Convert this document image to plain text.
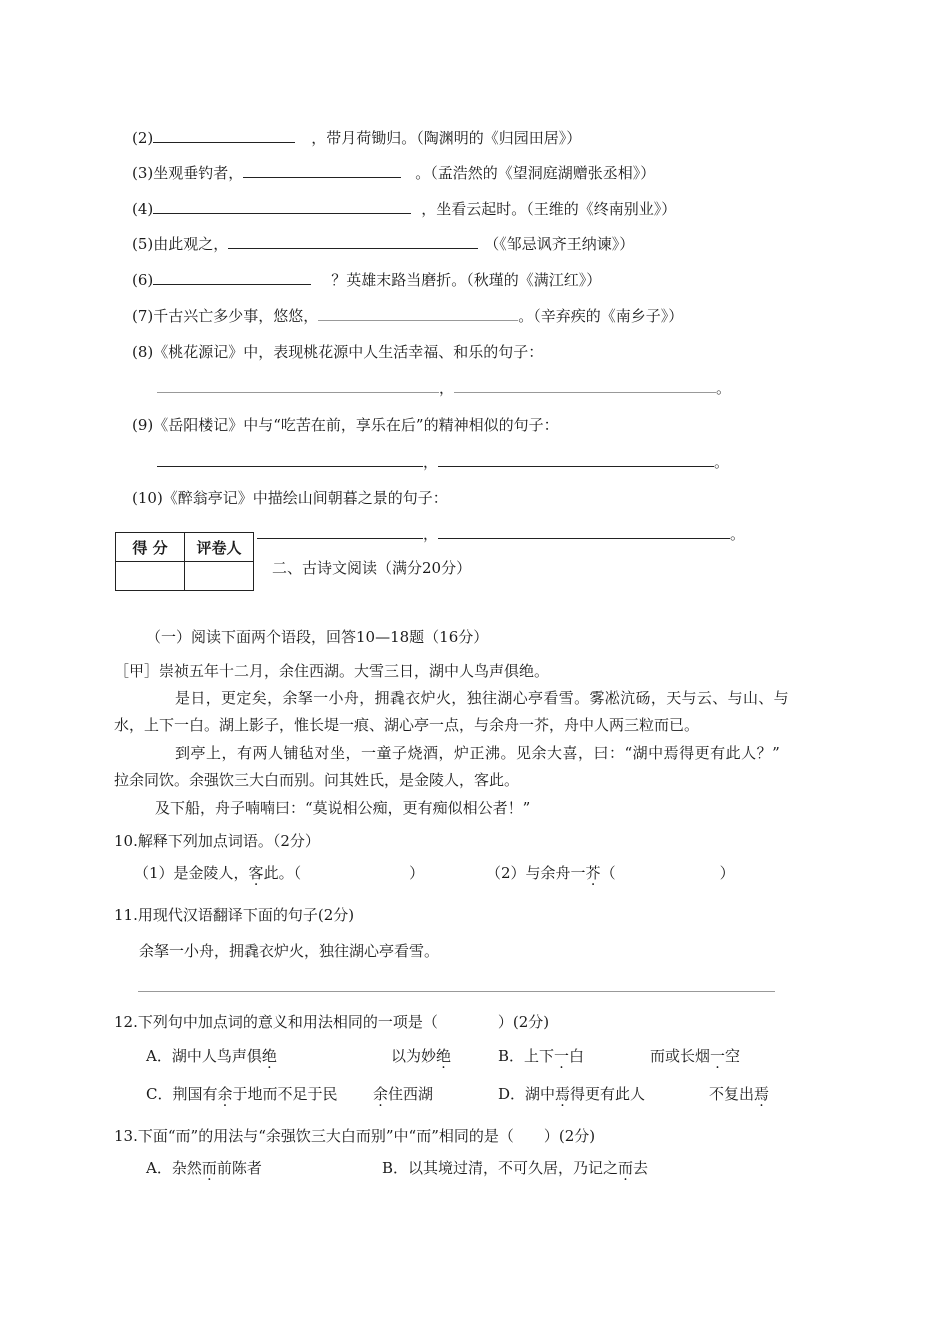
(2)	，带月荷锄归。（陶渊明的《归园田居》）
(3)坐观垂钓者，	。（孟浩然的《望洞庭湖赠张丞相》）
(4)	，坐看云起时。（王维的《终南别业》）
(5)由此观之，	（《邹忌讽齐王纳谏》）
(6)	？英雄末路当磨折。（秋瑾的《满江红》）
(7)千古兴亡多少事，悠悠，	。（辛弃疾的《南乡子》）
(8)《桃花源记》中，表现桃花源中人生活幸福、和乐的句子：
，	。
(9)《岳阳楼记》中与“吃苦在前，享乐在后”的精神相似的句子：
，	。
(10)《醉翁亭记》中描绘山间朝暮之景的句子：
，	。
得 分	评卷人

二、古诗文阅读（满分20分）
（一）阅读下面两个语段，回答10—18题（16分）
［甲］崇祯五年十二月，余住西湖。大雪三日，湖中人鸟声俱绝。
是日，更定矣，余拏一小舟，拥毳衣炉火，独往湖心亭看雪。雾凇沆砀，天与云、与山、与
水，上下一白。湖上影子，惟长堤一痕、湖心亭一点，与余舟一芥，舟中人两三粒而已。
到亭上，有两人铺毡对坐，一童子烧酒，炉正沸。见余大喜，曰：“湖中焉得更有此人？”
拉余同饮。余强饮三大白而别。问其姓氏，是金陵人，客此。
及下船，舟子喃喃曰：“莫说相公痴，更有痴似相公者！”
10.解释下列加点词语。（2分）
（1）是金陵人，客此。（	）	（2）与余舟一芥（	）
11.用现代汉语翻译下面的句子(2分)
余拏一小舟，拥毳衣炉火，独往湖心亭看雪。
12.下列句中加点词的意义和用法相同的一项是（　　　　）(2分)
A．湖中人鸟声俱绝	以为妙绝	B．上下一白	而或长烟一空
C．荆国有余于地而不足于民 余住西湖	D．湖中焉得更有此人	不复出焉
13.下面“而”的用法与“余强饮三大白而别”中“而”相同的是（　　）(2分)
A．杂然而前陈者	B．以其境过清，不可久居，乃记之而去
